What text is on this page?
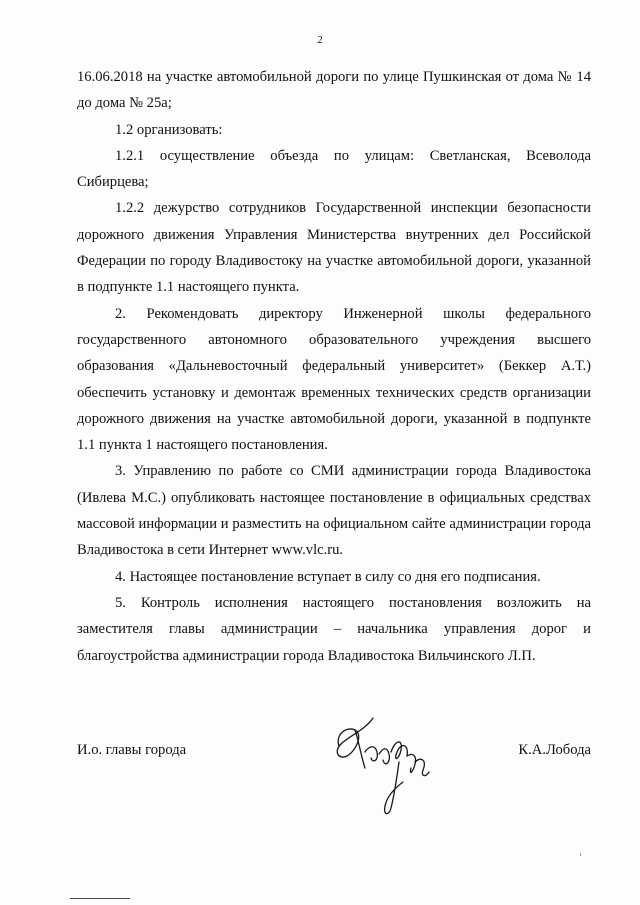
2

16.06.2018 на участке автомобильной дороги по улице Пушкинская от дома № 14 до дома № 25а;

1.2 организовать:

1.2.1 осуществление объезда по улицам: Светланская, Всеволода Сибирцева;

1.2.2 дежурство сотрудников Государственной инспекции безопасности дорожного движения Управления Министерства внутренних дел Российской Федерации по городу Владивостоку на участке автомобильной дороги, указанной в подпункте 1.1 настоящего пункта.

2. Рекомендовать директору Инженерной школы федерального государственного автономного образовательного учреждения высшего образования «Дальневосточный федеральный университет» (Беккер А.Т.) обеспечить установку и демонтаж временных технических средств организации дорожного движения на участке автомобильной дороги, указанной в подпункте 1.1 пункта 1 настоящего постановления.

3. Управлению по работе со СМИ администрации города Владивостока (Ивлева М.С.) опубликовать настоящее постановление в официальных средствах массовой информации и разместить на официальном сайте администрации города Владивостока в сети Интернет www.vlc.ru.

4. Настоящее постановление вступает в силу со дня его подписания.

5. Контроль исполнения настоящего постановления возложить на заместителя главы администрации – начальника управления дорог и благоустройства администрации города Владивостока Вильчинского Л.П.

И.о. главы города	К.А.Лобода
